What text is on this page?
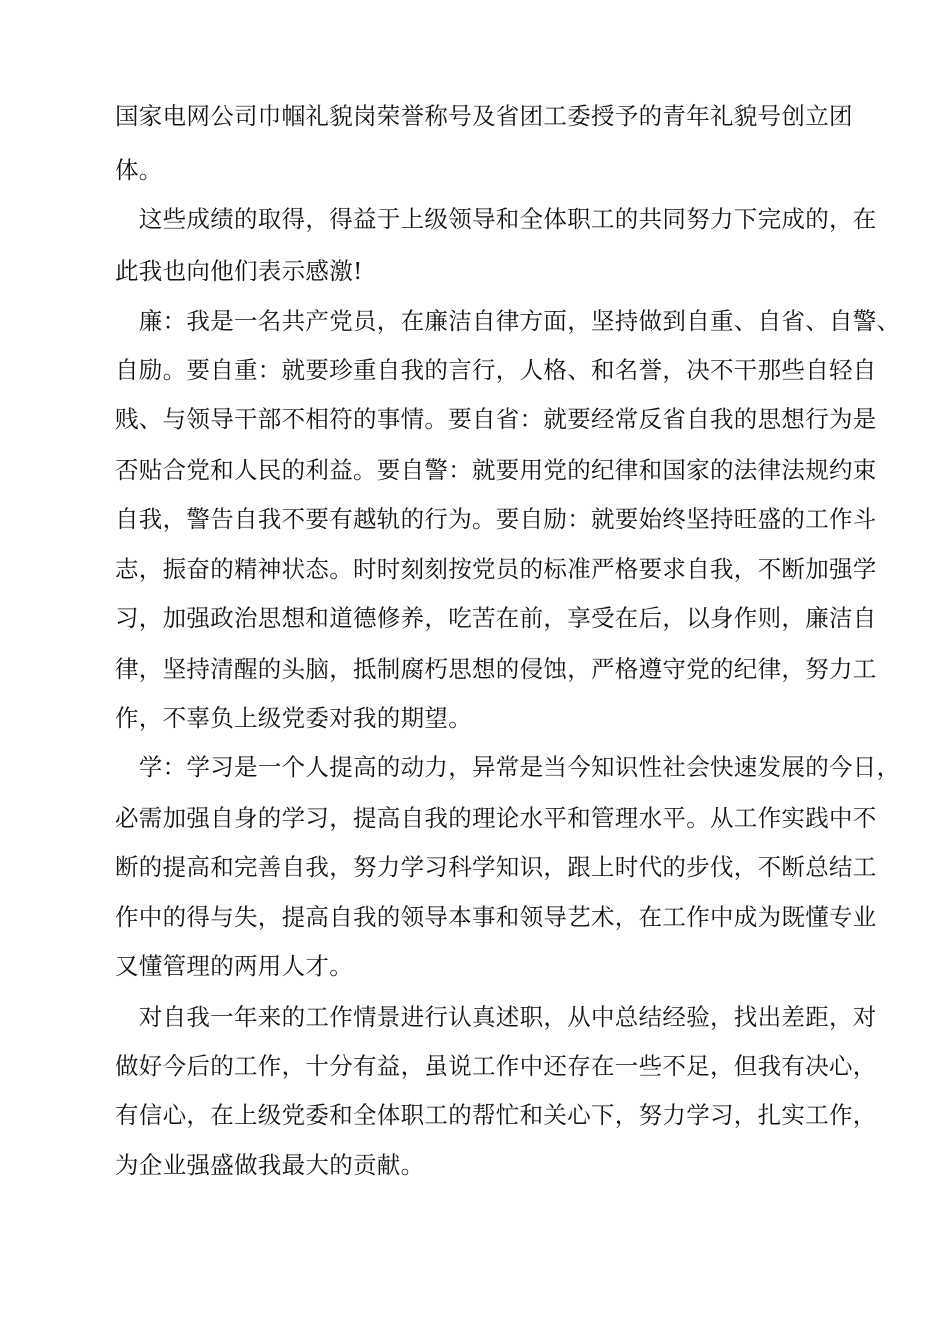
国家电网公司巾帼礼貌岗荣誉称号及省团工委授予的青年礼貌号创立团
体。
　这些成绩的取得，得益于上级领导和全体职工的共同努力下完成的，在
此我也向他们表示感激!
　廉：我是一名共产党员，在廉洁自律方面，坚持做到自重、自省、自警、
自励。要自重：就要珍重自我的言行，人格、和名誉，决不干那些自轻自
贱、与领导干部不相符的事情。要自省：就要经常反省自我的思想行为是
否贴合党和人民的利益。要自警：就要用党的纪律和国家的法律法规约束
自我，警告自我不要有越轨的行为。要自励：就要始终坚持旺盛的工作斗
志，振奋的精神状态。时时刻刻按党员的标准严格要求自我，不断加强学
习，加强政治思想和道德修养，吃苦在前，享受在后，以身作则，廉洁自
律，坚持清醒的头脑，抵制腐朽思想的侵蚀，严格遵守党的纪律，努力工
作，不辜负上级党委对我的期望。
　学：学习是一个人提高的动力，异常是当今知识性社会快速发展的今日，
必需加强自身的学习，提高自我的理论水平和管理水平。从工作实践中不
断的提高和完善自我，努力学习科学知识，跟上时代的步伐，不断总结工
作中的得与失，提高自我的领导本事和领导艺术，在工作中成为既懂专业
又懂管理的两用人才。
　对自我一年来的工作情景进行认真述职，从中总结经验，找出差距，对
做好今后的工作，十分有益，虽说工作中还存在一些不足，但我有决心，
有信心，在上级党委和全体职工的帮忙和关心下，努力学习，扎实工作，
为企业强盛做我最大的贡献。
